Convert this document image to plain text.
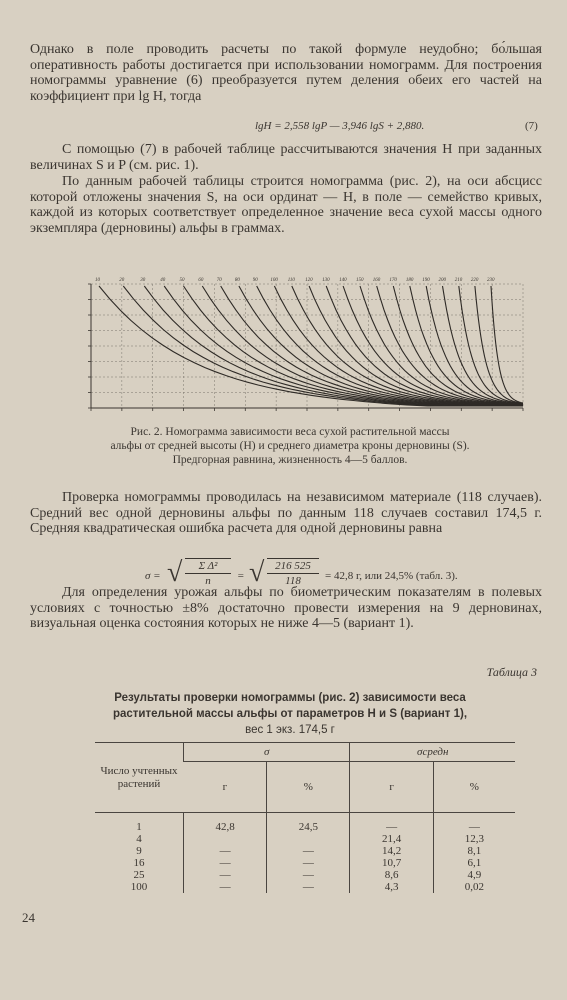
Однако в поле проводить расчеты по такой формуле неудобно; бо́льшая оперативность работы достигается при использовании номограмм. Для построения номограммы уравнение (6) преобразуется путем деления обеих его частей на коэффициент при lg H, тогда

lgH = 2,558 lgP — 3,946 lgS + 2,880.	(7)

С помощью (7) в рабочей таблице рассчитываются значения H при заданных величинах S и P (см. рис. 1).

По данным рабочей таблицы строится номограмма (рис. 2), на оси абсцисс которой отложены значения S, на оси ординат — H, в поле — семейство кривых, каждой из которых соответствует определенное значение веса сухой массы одного экземпляра (дерновины) альфы в граммах.

10	20	30	40	50	60	70	80	90	100 110 120 130 140 150 160 170 180 190 200 210 220 230
Рис. 2. Номограмма зависимости веса сухой растительной массы
альфы от средней высоты (H) и среднего диаметра кроны дерновины (S).
Предгорная равнина, жизненность 4—5 баллов.

Проверка номограммы проводилась на независимом материале (118 случаев). Средний вес одной дерновины альфы по данным 118 случаев составил 174,5 г. Средняя квадратическая ошибка расчета для одной дерновины равна

σ = √ $\frac{\text{Σ Δ²}}{n}$ = √ $\frac{216 525}{118} = 42,8$ г, или 24,5% (табл. 3).

Для определения урожая альфы по биометрическим показателям в полевых условиях с точностью ±8% достаточно провести измерения на 9 дерновинах, визуальная оценка состояния которых не ниже 4—5 (вариант 1).

Таблица 3
Результаты проверки номограммы (рис. 2) зависимости веса
растительной массы альфы от параметров H и S (вариант 1),
вес 1 экз. 174,5 г
Число учтенных растений	σ		σсредн	
	г	%	г	%
1	42,8	24,5	—	—
4			21,4	12,3
9	—	—	14,2	8,1
16	—	—	10,7	6,1
25	—	—	8,6	4,9
100	—	—	4,3	0,02
24
